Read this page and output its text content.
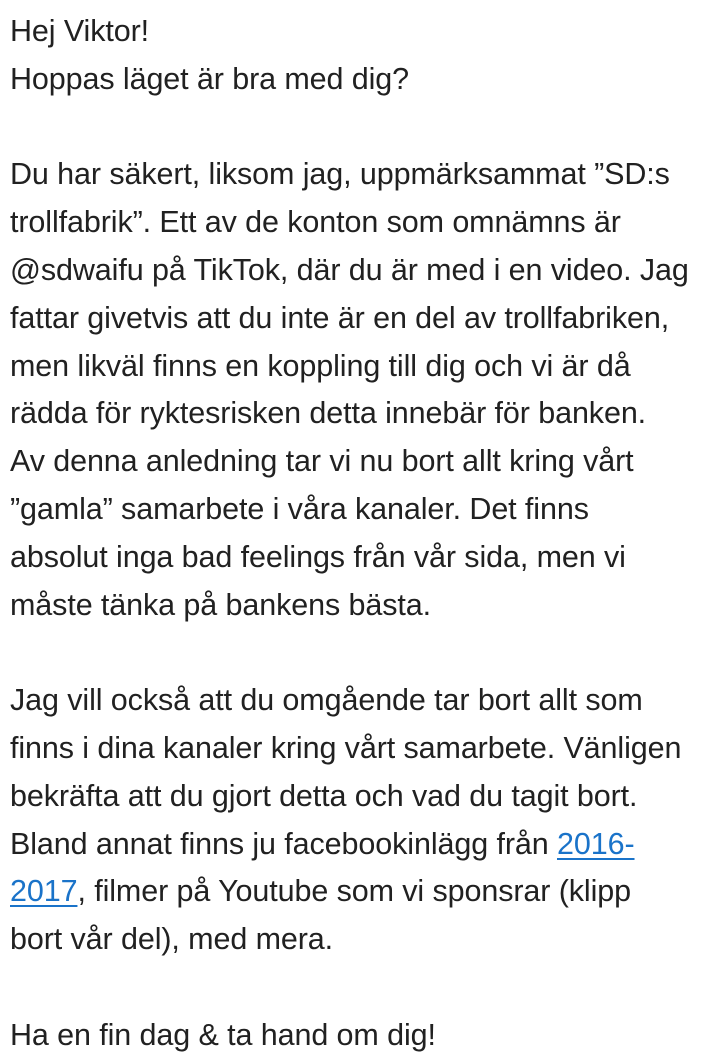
Hej Viktor!
Hoppas läget är bra med dig?
Du har säkert, liksom jag, uppmärksammat ”SD:s
trollfabrik”. Ett av de konton som omnämns är
@sdwaifu på TikTok, där du är med i en video. Jag
fattar givetvis att du inte är en del av trollfabriken,
men likväl finns en koppling till dig och vi är då
rädda för ryktesrisken detta innebär för banken.
Av denna anledning tar vi nu bort allt kring vårt
”gamla” samarbete i våra kanaler. Det finns
absolut inga bad feelings från vår sida, men vi
måste tänka på bankens bästa.
Jag vill också att du omgående tar bort allt som
finns i dina kanaler kring vårt samarbete. Vänligen
bekräfta att du gjort detta och vad du tagit bort.
Bland annat finns ju facebookinlägg från 2016-
2017, filmer på Youtube som vi sponsrar (klipp
bort vår del), med mera.
Ha en fin dag & ta hand om dig!
